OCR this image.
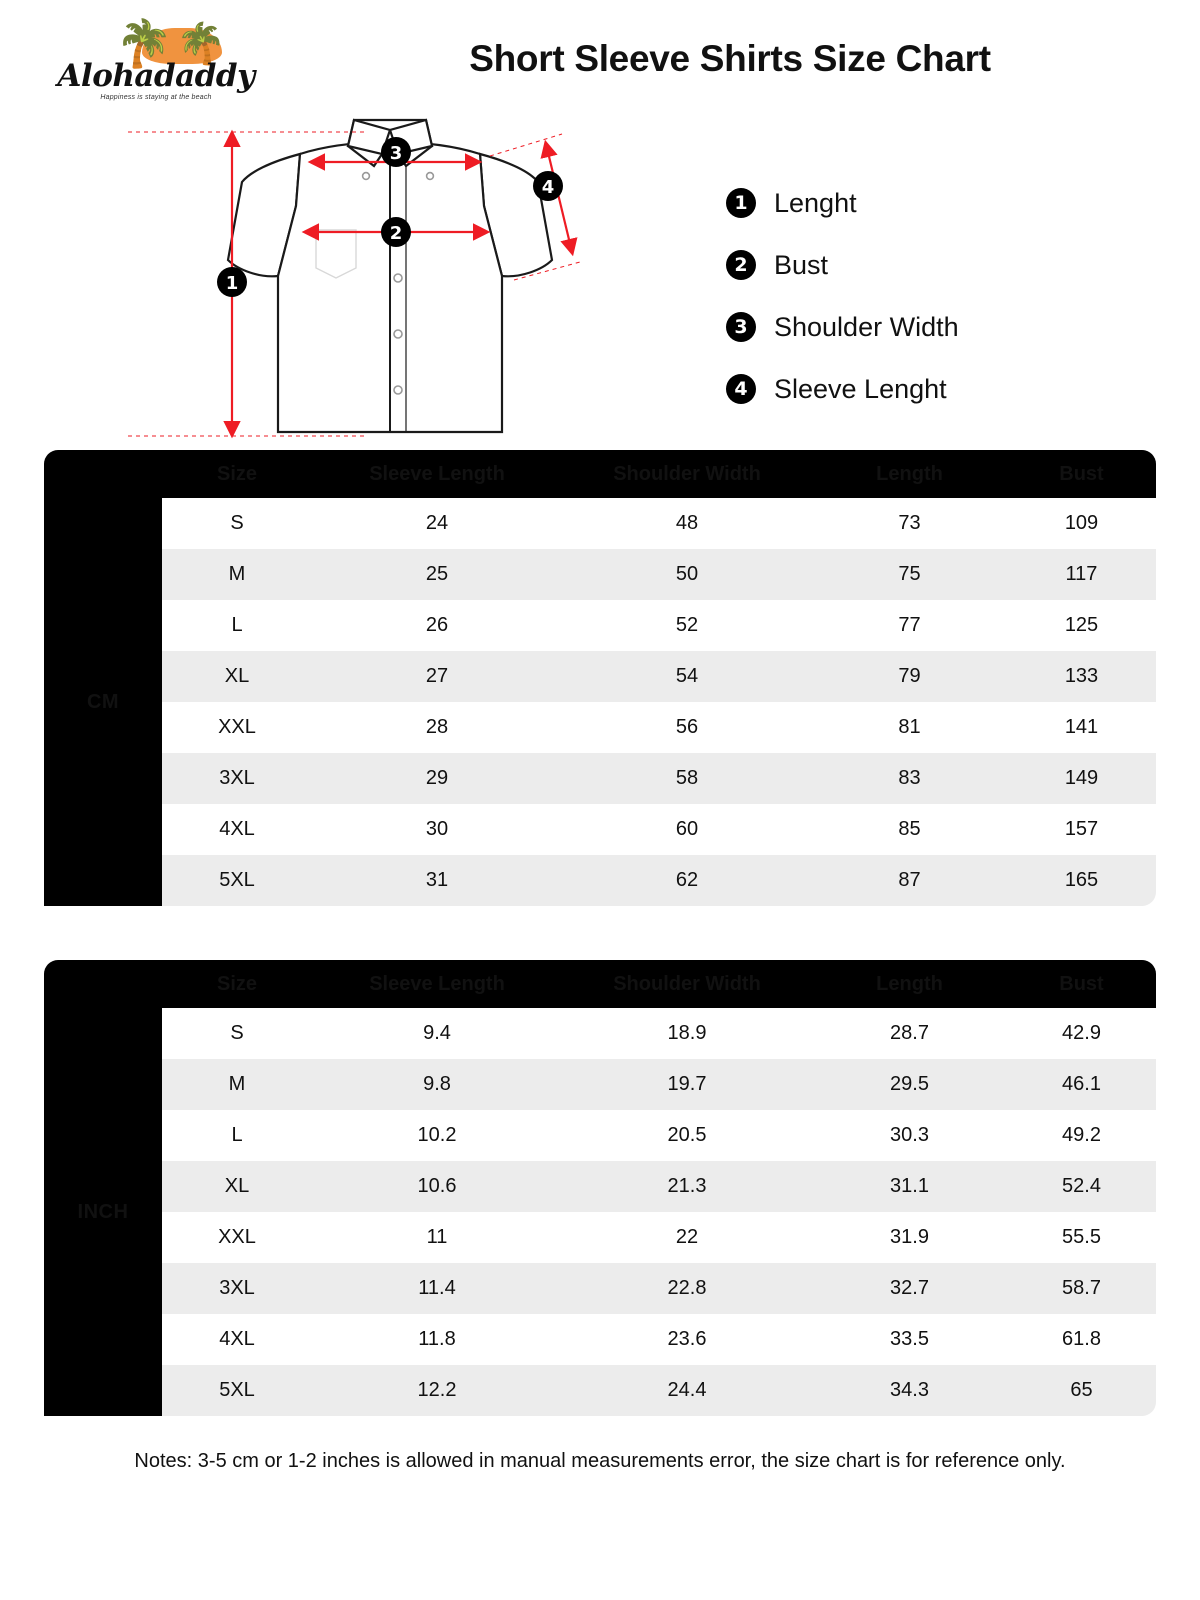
🌴 🌴
Alohadaddy
Happiness is staying at the beach
Short Sleeve Shirts Size Chart
1
2
3
4
1 Lenght
2 Bust
3 Shoulder Width
4 Sleeve Lenght
	Size	Sleeve Length	Shoulder Width	Length	Bust
CM	S	24	48	73	109
	M	25	50	75	117
	L	26	52	77	125
	XL	27	54	79	133
	XXL	28	56	81	141
	3XL	29	58	83	149
	4XL	30	60	85	157
	5XL	31	62	87	165
	Size	Sleeve Length	Shoulder Width	Length	Bust
INCH	S	9.4	18.9	28.7	42.9
	M	9.8	19.7	29.5	46.1
	L	10.2	20.5	30.3	49.2
	XL	10.6	21.3	31.1	52.4
	XXL	11	22	31.9	55.5
	3XL	11.4	22.8	32.7	58.7
	4XL	11.8	23.6	33.5	61.8
	5XL	12.2	24.4	34.3	65
Notes: 3-5 cm or 1-2 inches is allowed in manual measurements error, the size chart is for reference only.
